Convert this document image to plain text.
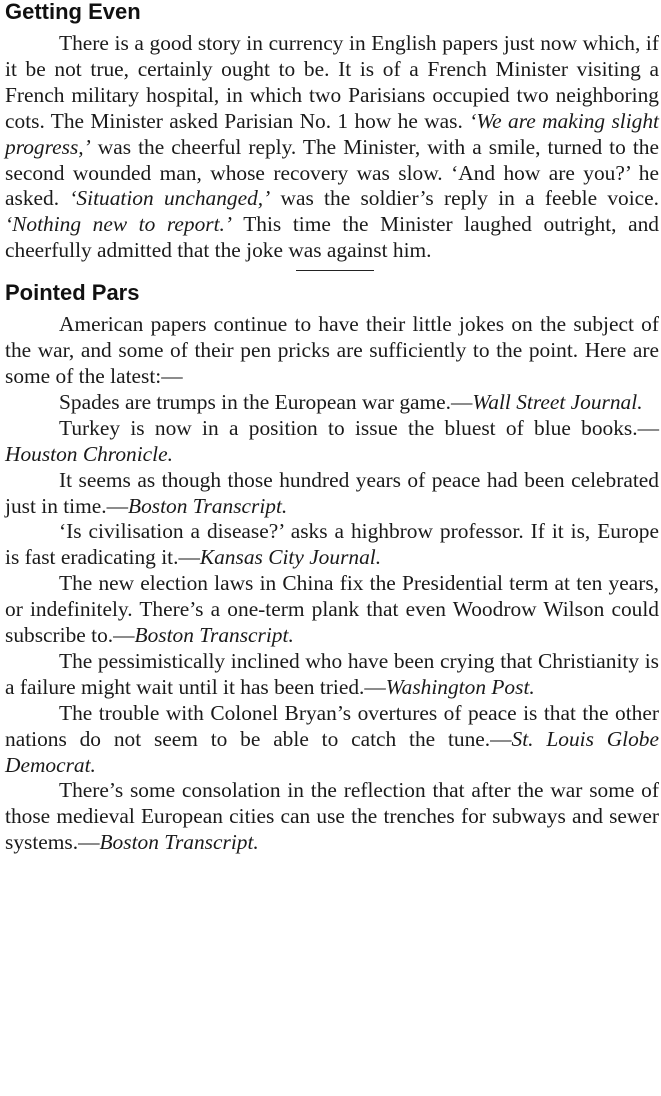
Getting Even

There is a good story in currency in English papers just now which, if it be not true, certainly ought to be. It is of a French Minister visiting a French military hospital, in which two Parisians occupied two neighboring cots. The Minister asked Parisian No. 1 how he was. ‘We are making slight progress,’ was the cheerful reply. The Minister, with a smile, turned to the second wounded man, whose recovery was slow. ‘And how are you?’ he asked. ‘Situation unchanged,’ was the soldier’s reply in a feeble voice. ‘Nothing new to report.’ This time the Minister laughed outright, and cheerfully admitted that the joke was against him.

Pointed Pars

American papers continue to have their little jokes on the subject of the war, and some of their pen pricks are sufficiently to the point. Here are some of the latest:—

Spades are trumps in the European war game.—Wall Street Journal.

Turkey is now in a position to issue the bluest of blue books.—Houston Chronicle.

It seems as though those hundred years of peace had been celebrated just in time.—Boston Transcript.

‘Is civilisation a disease?’ asks a highbrow professor. If it is, Europe is fast eradicating it.—Kansas City Journal.

The new election laws in China fix the Presidential term at ten years, or indefinitely. There’s a one-term plank that even Woodrow Wilson could subscribe to.—Boston Transcript.

The pessimistically inclined who have been crying that Christianity is a failure might wait until it has been tried.—Washington Post.

The trouble with Colonel Bryan’s overtures of peace is that the other nations do not seem to be able to catch the tune.—St. Louis Globe Democrat.

There’s some consolation in the reflection that after the war some of those medieval European cities can use the trenches for subways and sewer systems.—Boston Transcript.
